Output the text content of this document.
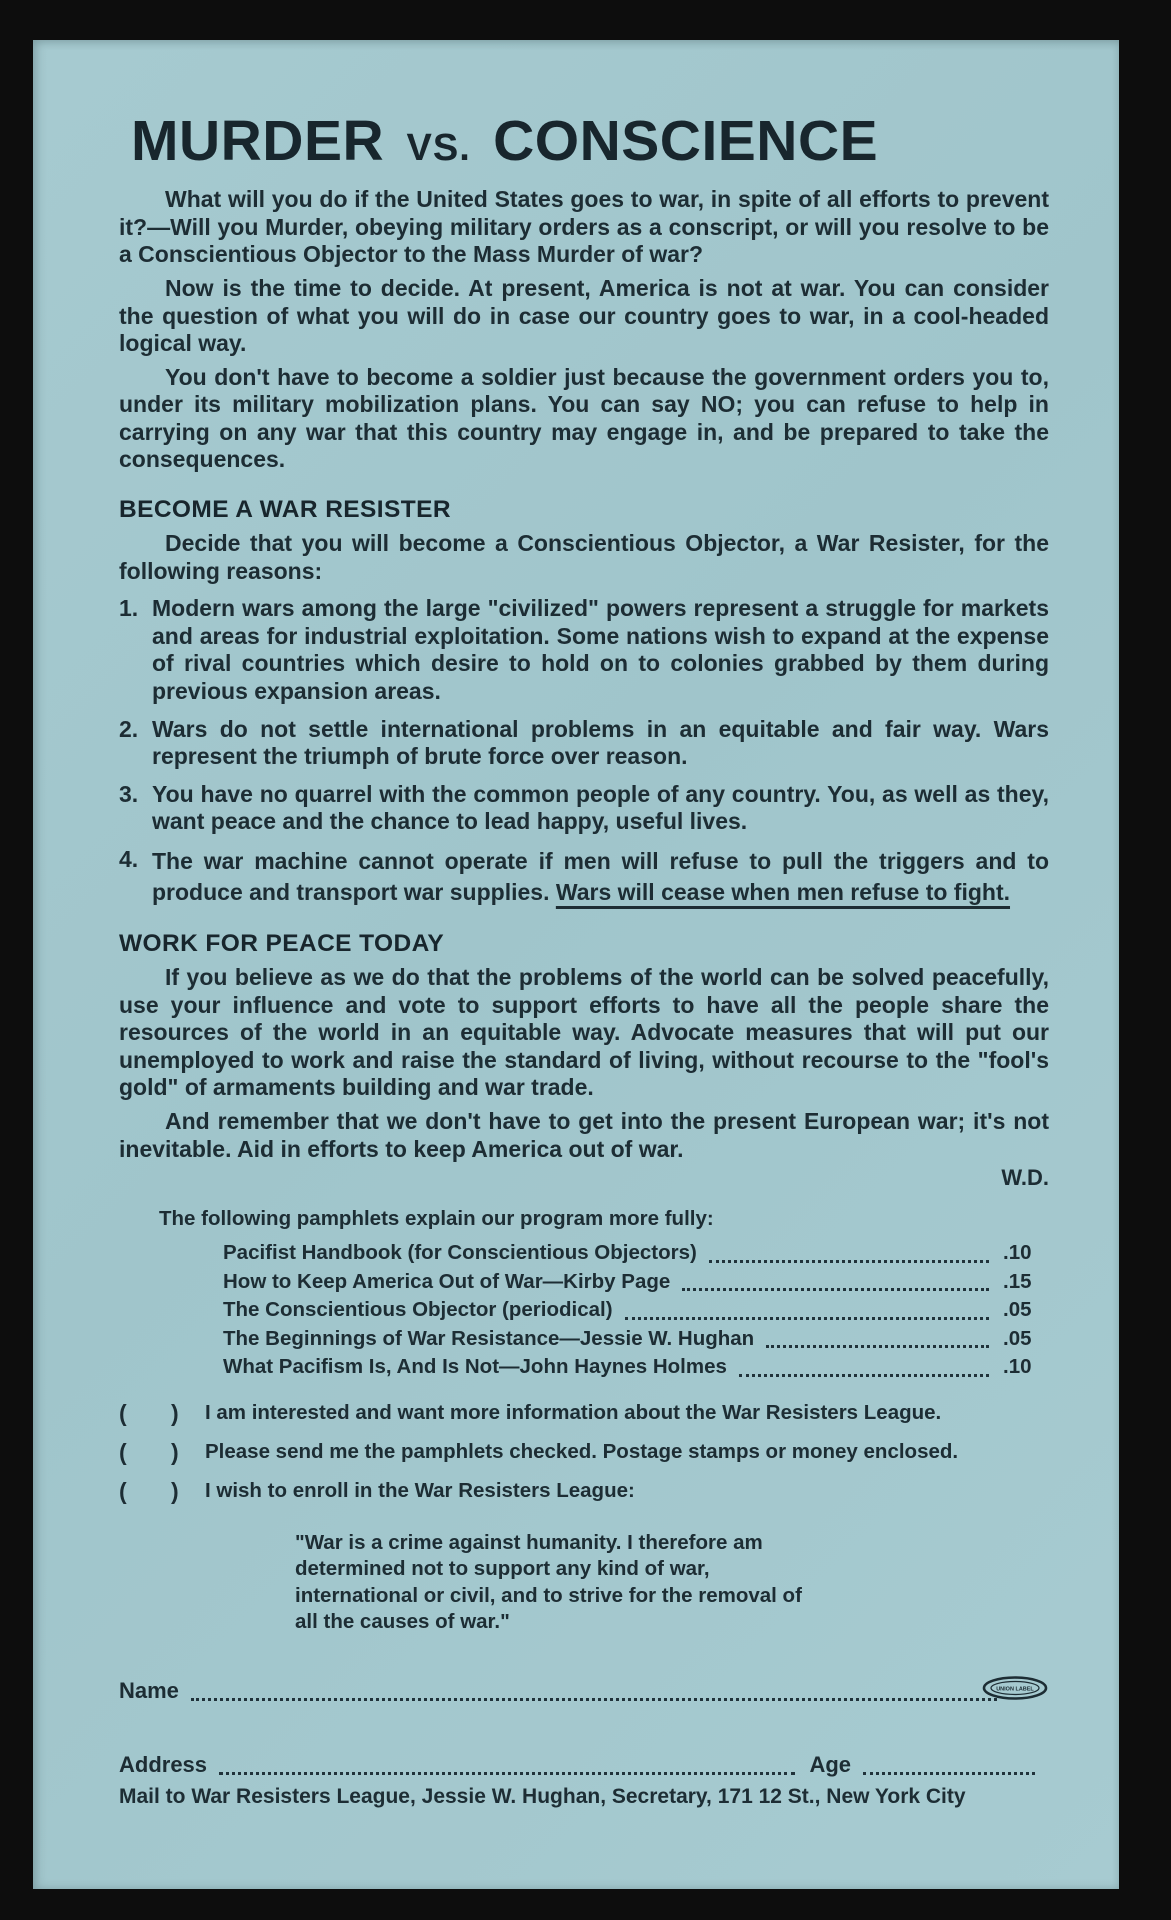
MURDER VS. CONSCIENCE

What will you do if the United States goes to war, in spite of all efforts to prevent it?—Will you Murder, obeying military orders as a conscript, or will you resolve to be a Conscientious Objector to the Mass Murder of war?

Now is the time to decide. At present, America is not at war. You can consider the question of what you will do in case our country goes to war, in a cool-headed logical way.

You don't have to become a soldier just because the government orders you to, under its military mobilization plans. You can say NO; you can refuse to help in carrying on any war that this country may engage in, and be prepared to take the consequences.

BECOME A WAR RESISTER

Decide that you will become a Conscientious Objector, a War Resister, for the following reasons:

1. Modern wars among the large "civilized" powers represent a struggle for markets and areas for industrial exploitation. Some nations wish to expand at the expense of rival countries which desire to hold on to colonies grabbed by them during previous expansion areas.
2. Wars do not settle international problems in an equitable and fair way. Wars represent the triumph of brute force over reason.
3. You have no quarrel with the common people of any country. You, as well as they, want peace and the chance to lead happy, useful lives.
4. The war machine cannot operate if men will refuse to pull the triggers and to produce and transport war supplies. Wars will cease when men refuse to fight.
WORK FOR PEACE TODAY

If you believe as we do that the problems of the world can be solved peacefully, use your influence and vote to support efforts to have all the people share the resources of the world in an equitable way. Advocate measures that will put our unemployed to work and raise the standard of living, without recourse to the "fool's gold" of armaments building and war trade.

And remember that we don't have to get into the present European war; it's not inevitable. Aid in efforts to keep America out of war.

W.D.

The following pamphlets explain our program more fully:

Pacifist Handbook (for Conscientious Objectors)	.10
How to Keep America Out of War—Kirby Page	.15
The Conscientious Objector (periodical)	.05
The Beginnings of War Resistance—Jessie W. Hughan	.05
What Pacifism Is, And Is Not—John Haynes Holmes	.10
(	)	I am interested and want more information about the War Resisters League.
(	)	Please send me the pamphlets checked. Postage stamps or money enclosed.
(	)	I wish to enroll in the War Resisters League:

"War is a crime against humanity. I therefore am determined not to support any kind of war, international or civil, and to strive for the removal of all the causes of war."

Name	UNION LABEL
Address	Age

Mail to War Resisters League, Jessie W. Hughan, Secretary, 171 12 St., New York City
